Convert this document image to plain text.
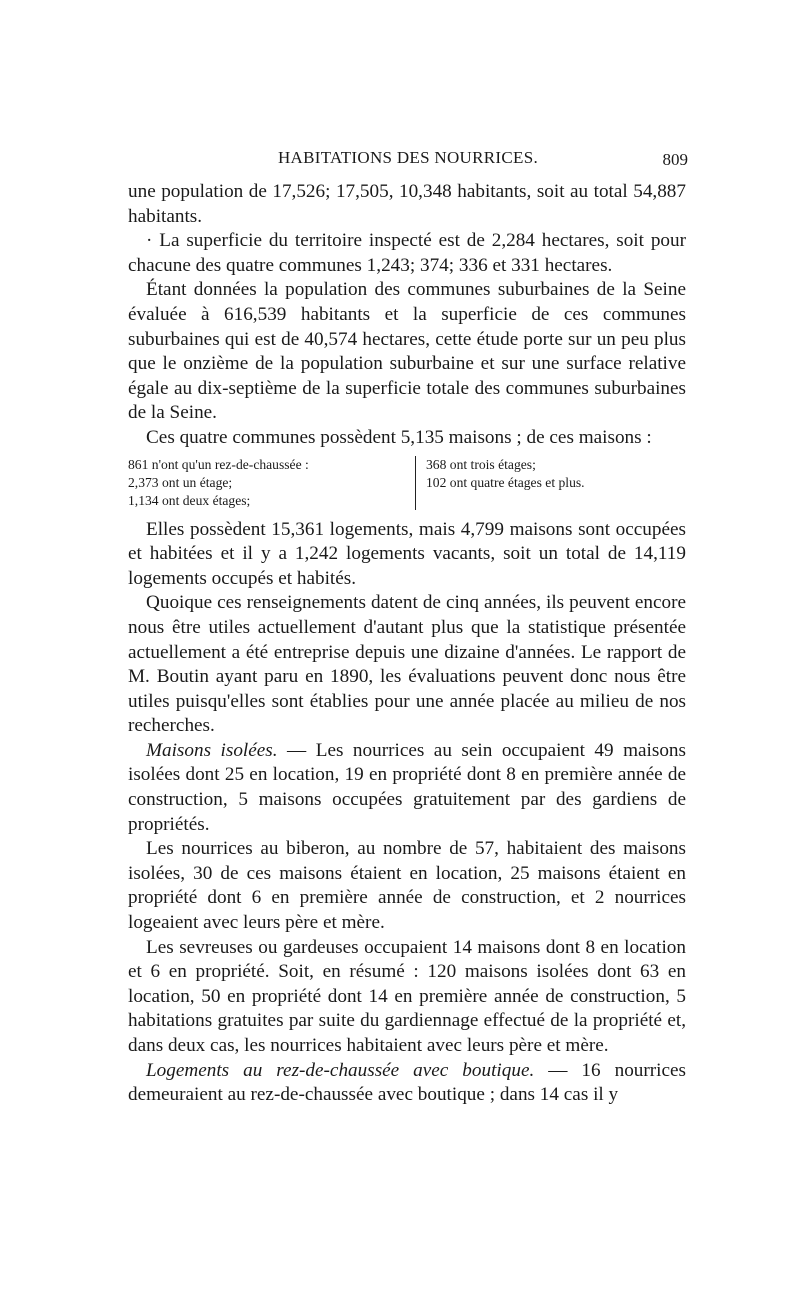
HABITATIONS DES NOURRICES.	809

une population de 17,526; 17,505, 10,348 habitants, soit au total 54,887 habitants.

· La superficie du territoire inspecté est de 2,284 hectares, soit pour chacune des quatre communes 1,243; 374; 336 et 331 hectares.

Étant données la population des communes suburbaines de la Seine évaluée à 616,539 habitants et la superficie de ces communes suburbaines qui est de 40,574 hectares, cette étude porte sur un peu plus que le onzième de la population suburbaine et sur une surface relative égale au dix-septième de la superficie totale des communes suburbaines de la Seine.

Ces quatre communes possèdent 5,135 maisons ; de ces maisons :

861 n'ont qu'un rez-de-chaussée :
2,373 ont un étage;
1,134 ont deux étages;
368 ont trois étages;
102 ont quatre étages et plus.

Elles possèdent 15,361 logements, mais 4,799 maisons sont occupées et habitées et il y a 1,242 logements vacants, soit un total de 14,119 logements occupés et habités.

Quoique ces renseignements datent de cinq années, ils peuvent encore nous être utiles actuellement d'autant plus que la statistique présentée actuellement a été entreprise depuis une dizaine d'années. Le rapport de M. Boutin ayant paru en 1890, les évaluations peuvent donc nous être utiles puisqu'elles sont établies pour une année placée au milieu de nos recherches.

Maisons isolées. — Les nourrices au sein occupaient 49 maisons isolées dont 25 en location, 19 en propriété dont 8 en première année de construction, 5 maisons occupées gratuitement par des gardiens de propriétés.

Les nourrices au biberon, au nombre de 57, habitaient des maisons isolées, 30 de ces maisons étaient en location, 25 maisons étaient en propriété dont 6 en première année de construction, et 2 nourrices logeaient avec leurs père et mère.

Les sevreuses ou gardeuses occupaient 14 maisons dont 8 en location et 6 en propriété. Soit, en résumé : 120 maisons isolées dont 63 en location, 50 en propriété dont 14 en première année de construction, 5 habitations gratuites par suite du gardiennage effectué de la propriété et, dans deux cas, les nourrices habitaient avec leurs père et mère.

Logements au rez-de-chaussée avec boutique. — 16 nourrices demeuraient au rez-de-chaussée avec boutique ; dans 14 cas il y
